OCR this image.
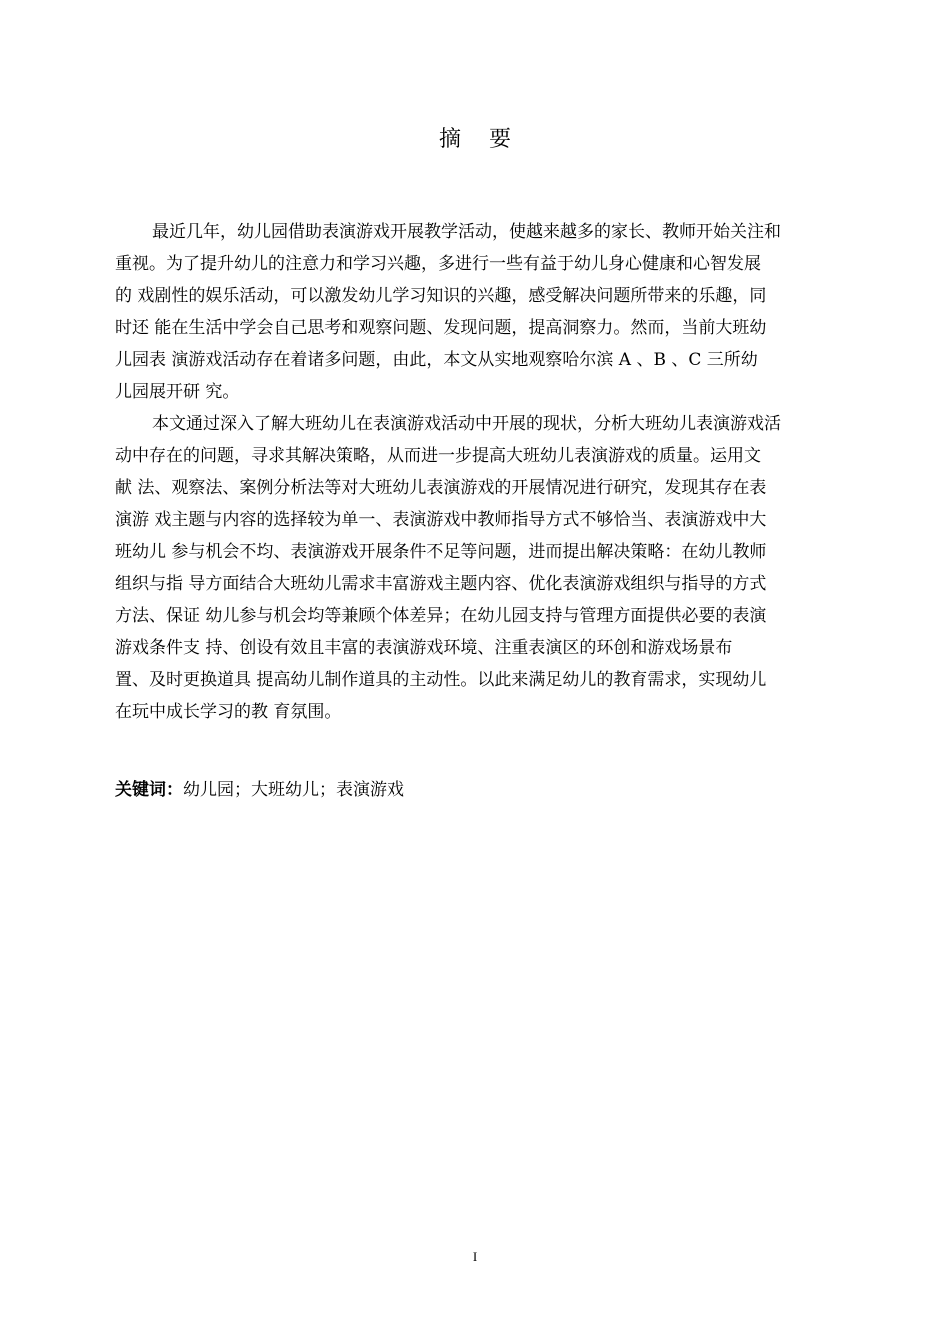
摘 要
最近几年，幼儿园借助表演游戏开展教学活动，使越来越多的家长、教师开始关注和
重视。为了提升幼儿的注意力和学习兴趣，多进行一些有益于幼儿身心健康和心智发展
的 戏剧性的娱乐活动，可以激发幼儿学习知识的兴趣，感受解决问题所带来的乐趣，同
时还 能在生活中学会自己思考和观察问题、发现问题，提高洞察力。然而，当前大班幼
儿园表 演游戏活动存在着诸多问题，由此，本文从实地观察哈尔滨 A 、B 、C 三所幼
儿园展开研 究。
本文通过深入了解大班幼儿在表演游戏活动中开展的现状，分析大班幼儿表演游戏活
动中存在的问题，寻求其解决策略，从而进一步提高大班幼儿表演游戏的质量。运用文
献 法、观察法、案例分析法等对大班幼儿表演游戏的开展情况进行研究，发现其存在表
演游 戏主题与内容的选择较为单一、表演游戏中教师指导方式不够恰当、表演游戏中大
班幼儿 参与机会不均、表演游戏开展条件不足等问题，进而提出解决策略：在幼儿教师
组织与指 导方面结合大班幼儿需求丰富游戏主题内容、优化表演游戏组织与指导的方式
方法、保证 幼儿参与机会均等兼顾个体差异；在幼儿园支持与管理方面提供必要的表演
游戏条件支 持、创设有效且丰富的表演游戏环境、注重表演区的环创和游戏场景布
置、及时更换道具 提高幼儿制作道具的主动性。以此来满足幼儿的教育需求，实现幼儿
在玩中成长学习的教 育氛围。
关键词：幼儿园；大班幼儿；表演游戏
I
